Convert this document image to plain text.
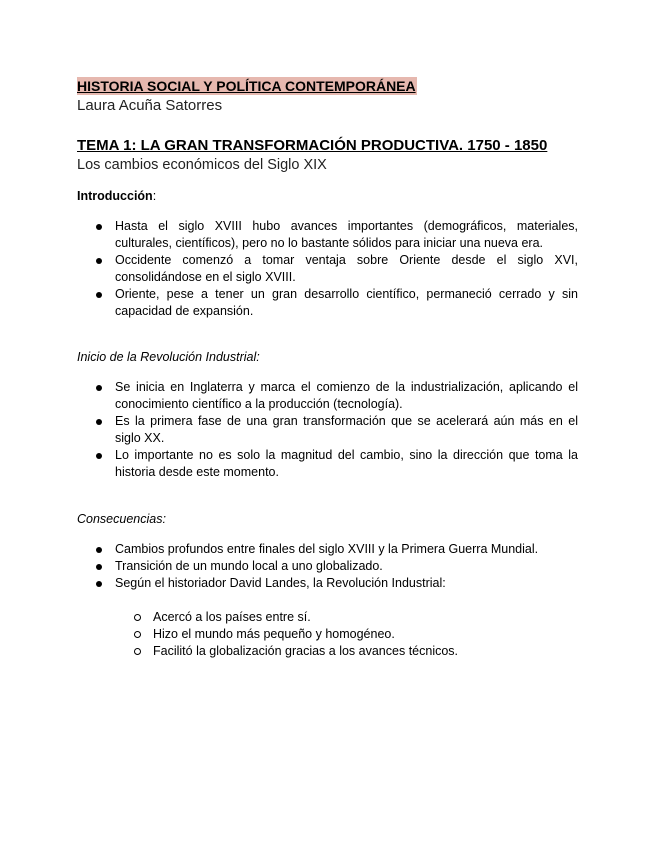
HISTORIA SOCIAL Y POLÍTICA CONTEMPORÁNEA
Laura Acuña Satorres
TEMA 1: LA GRAN TRANSFORMACIÓN PRODUCTIVA. 1750 - 1850
Los cambios económicos del Siglo XIX
Introducción:
Hasta el siglo XVIII hubo avances importantes (demográficos, materiales, culturales, científicos), pero no lo bastante sólidos para iniciar una nueva era.
Occidente comenzó a tomar ventaja sobre Oriente desde el siglo XVI, consolidándose en el siglo XVIII.
Oriente, pese a tener un gran desarrollo científico, permaneció cerrado y sin capacidad de expansión.
Inicio de la Revolución Industrial:
Se inicia en Inglaterra y marca el comienzo de la industrialización, aplicando el conocimiento científico a la producción (tecnología).
Es la primera fase de una gran transformación que se acelerará aún más en el siglo XX.
Lo importante no es solo la magnitud del cambio, sino la dirección que toma la historia desde este momento.
Consecuencias:
Cambios profundos entre finales del siglo XVIII y la Primera Guerra Mundial.
Transición de un mundo local a uno globalizado.
Según el historiador David Landes, la Revolución Industrial:
Acercó a los países entre sí.
Hizo el mundo más pequeño y homogéneo.
Facilitó la globalización gracias a los avances técnicos.
